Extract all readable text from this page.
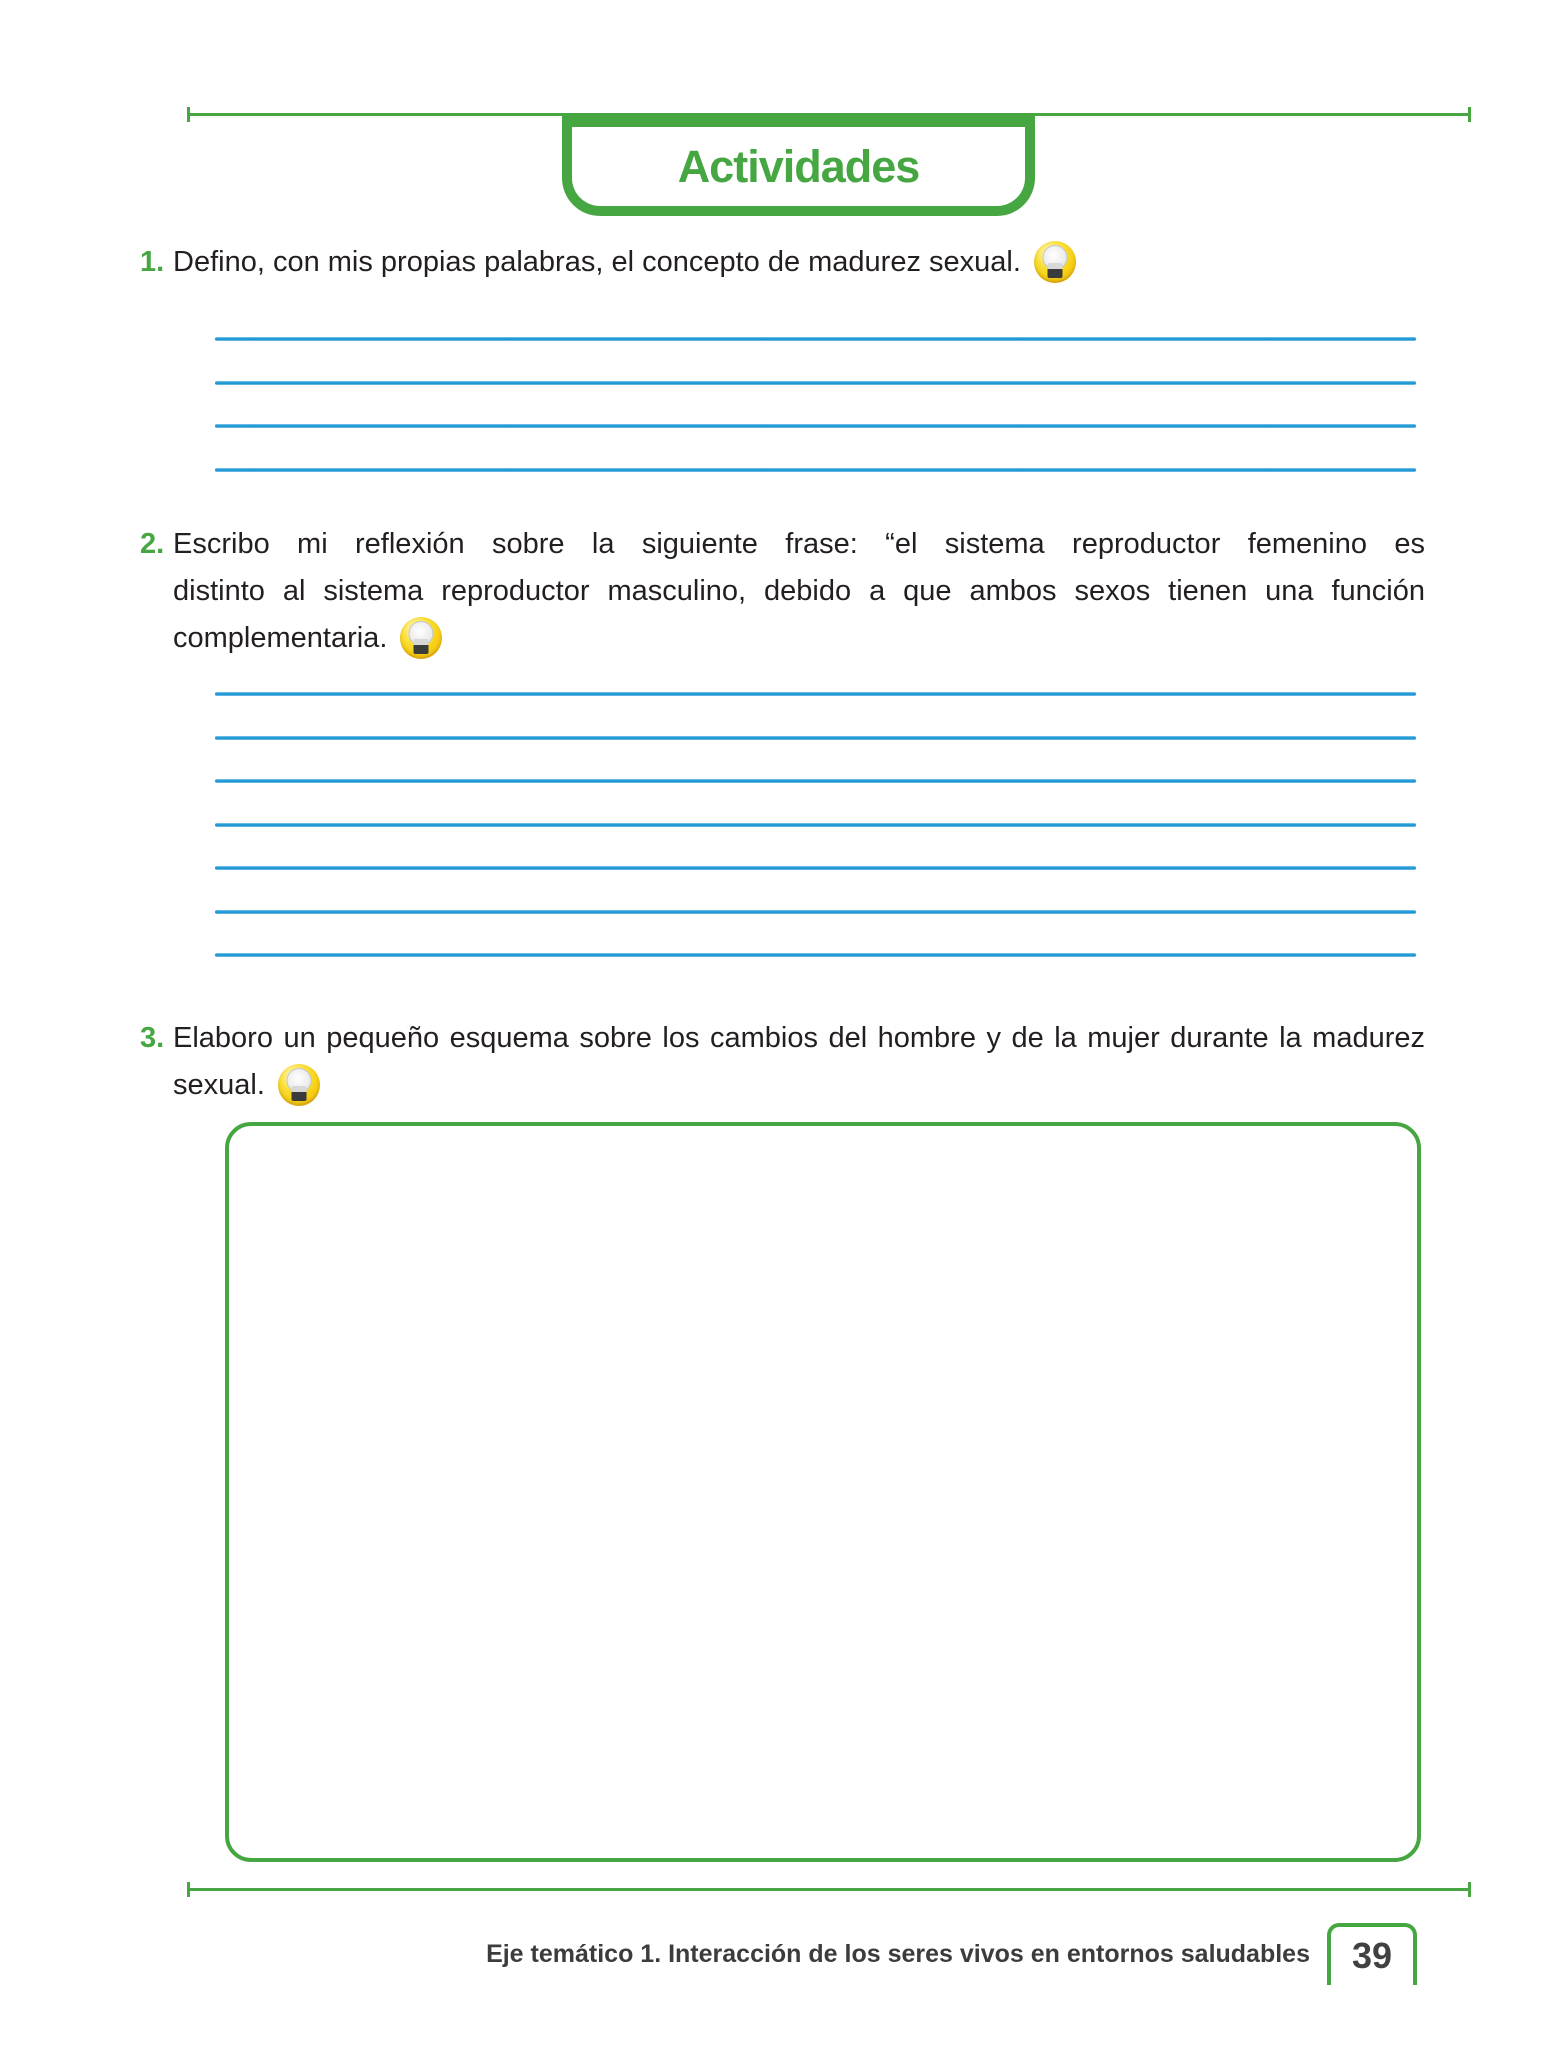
Actividades
1. Defino, con mis propias palabras, el concepto de madurez sexual.
2. Escribo mi reflexión sobre la siguiente frase: “el sistema reproductor femenino es
distinto al sistema reproductor masculino, debido a que ambos sexos tienen una función
complementaria.
3. Elaboro un pequeño esquema sobre los cambios del hombre y de la mujer durante la madurez
sexual.
Eje temático 1. Interacción de los seres vivos en entornos saludables 39
